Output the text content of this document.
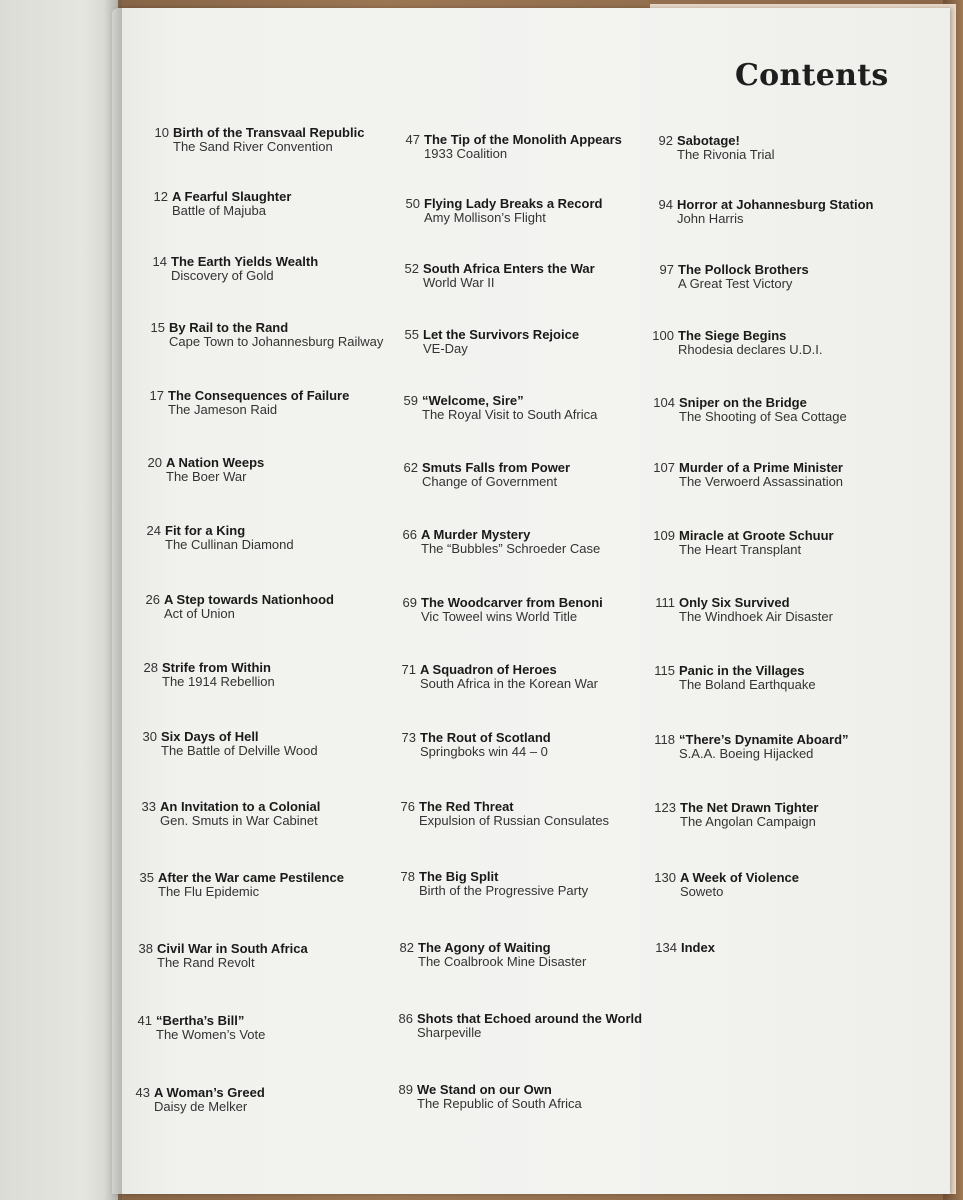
Contents
10 Birth of the Transvaal Republic
The Sand River Convention
12 A Fearful Slaughter
Battle of Majuba
14 The Earth Yields Wealth
Discovery of Gold
15 By Rail to the Rand
Cape Town to Johannesburg Railway
17 The Consequences of Failure
The Jameson Raid
20 A Nation Weeps
The Boer War
24 Fit for a King
The Cullinan Diamond
26 A Step towards Nationhood
Act of Union
28 Strife from Within
The 1914 Rebellion
30 Six Days of Hell
The Battle of Delville Wood
33 An Invitation to a Colonial
Gen. Smuts in War Cabinet
35 After the War came Pestilence
The Flu Epidemic
38 Civil War in South Africa
The Rand Revolt
41 “Bertha’s Bill”
The Women’s Vote
43 A Woman’s Greed
Daisy de Melker
47 The Tip of the Monolith Appears
1933 Coalition
50 Flying Lady Breaks a Record
Amy Mollison’s Flight
52 South Africa Enters the War
World War II
55 Let the Survivors Rejoice
VE-Day
59 “Welcome, Sire”
The Royal Visit to South Africa
62 Smuts Falls from Power
Change of Government
66 A Murder Mystery
The “Bubbles” Schroeder Case
69 The Woodcarver from Benoni
Vic Toweel wins World Title
71 A Squadron of Heroes
South Africa in the Korean War
73 The Rout of Scotland
Springboks win 44 – 0
76 The Red Threat
Expulsion of Russian Consulates
78 The Big Split
Birth of the Progressive Party
82 The Agony of Waiting
The Coalbrook Mine Disaster
86 Shots that Echoed around the World
Sharpeville
89 We Stand on our Own
The Republic of South Africa
92 Sabotage!
The Rivonia Trial
94 Horror at Johannesburg Station
John Harris
97 The Pollock Brothers
A Great Test Victory
100 The Siege Begins
Rhodesia declares U.D.I.
104 Sniper on the Bridge
The Shooting of Sea Cottage
107 Murder of a Prime Minister
The Verwoerd Assassination
109 Miracle at Groote Schuur
The Heart Transplant
111 Only Six Survived
The Windhoek Air Disaster
115 Panic in the Villages
The Boland Earthquake
118 “There’s Dynamite Aboard”
S.A.A. Boeing Hijacked
123 The Net Drawn Tighter
The Angolan Campaign
130 A Week of Violence
Soweto
134 Index
